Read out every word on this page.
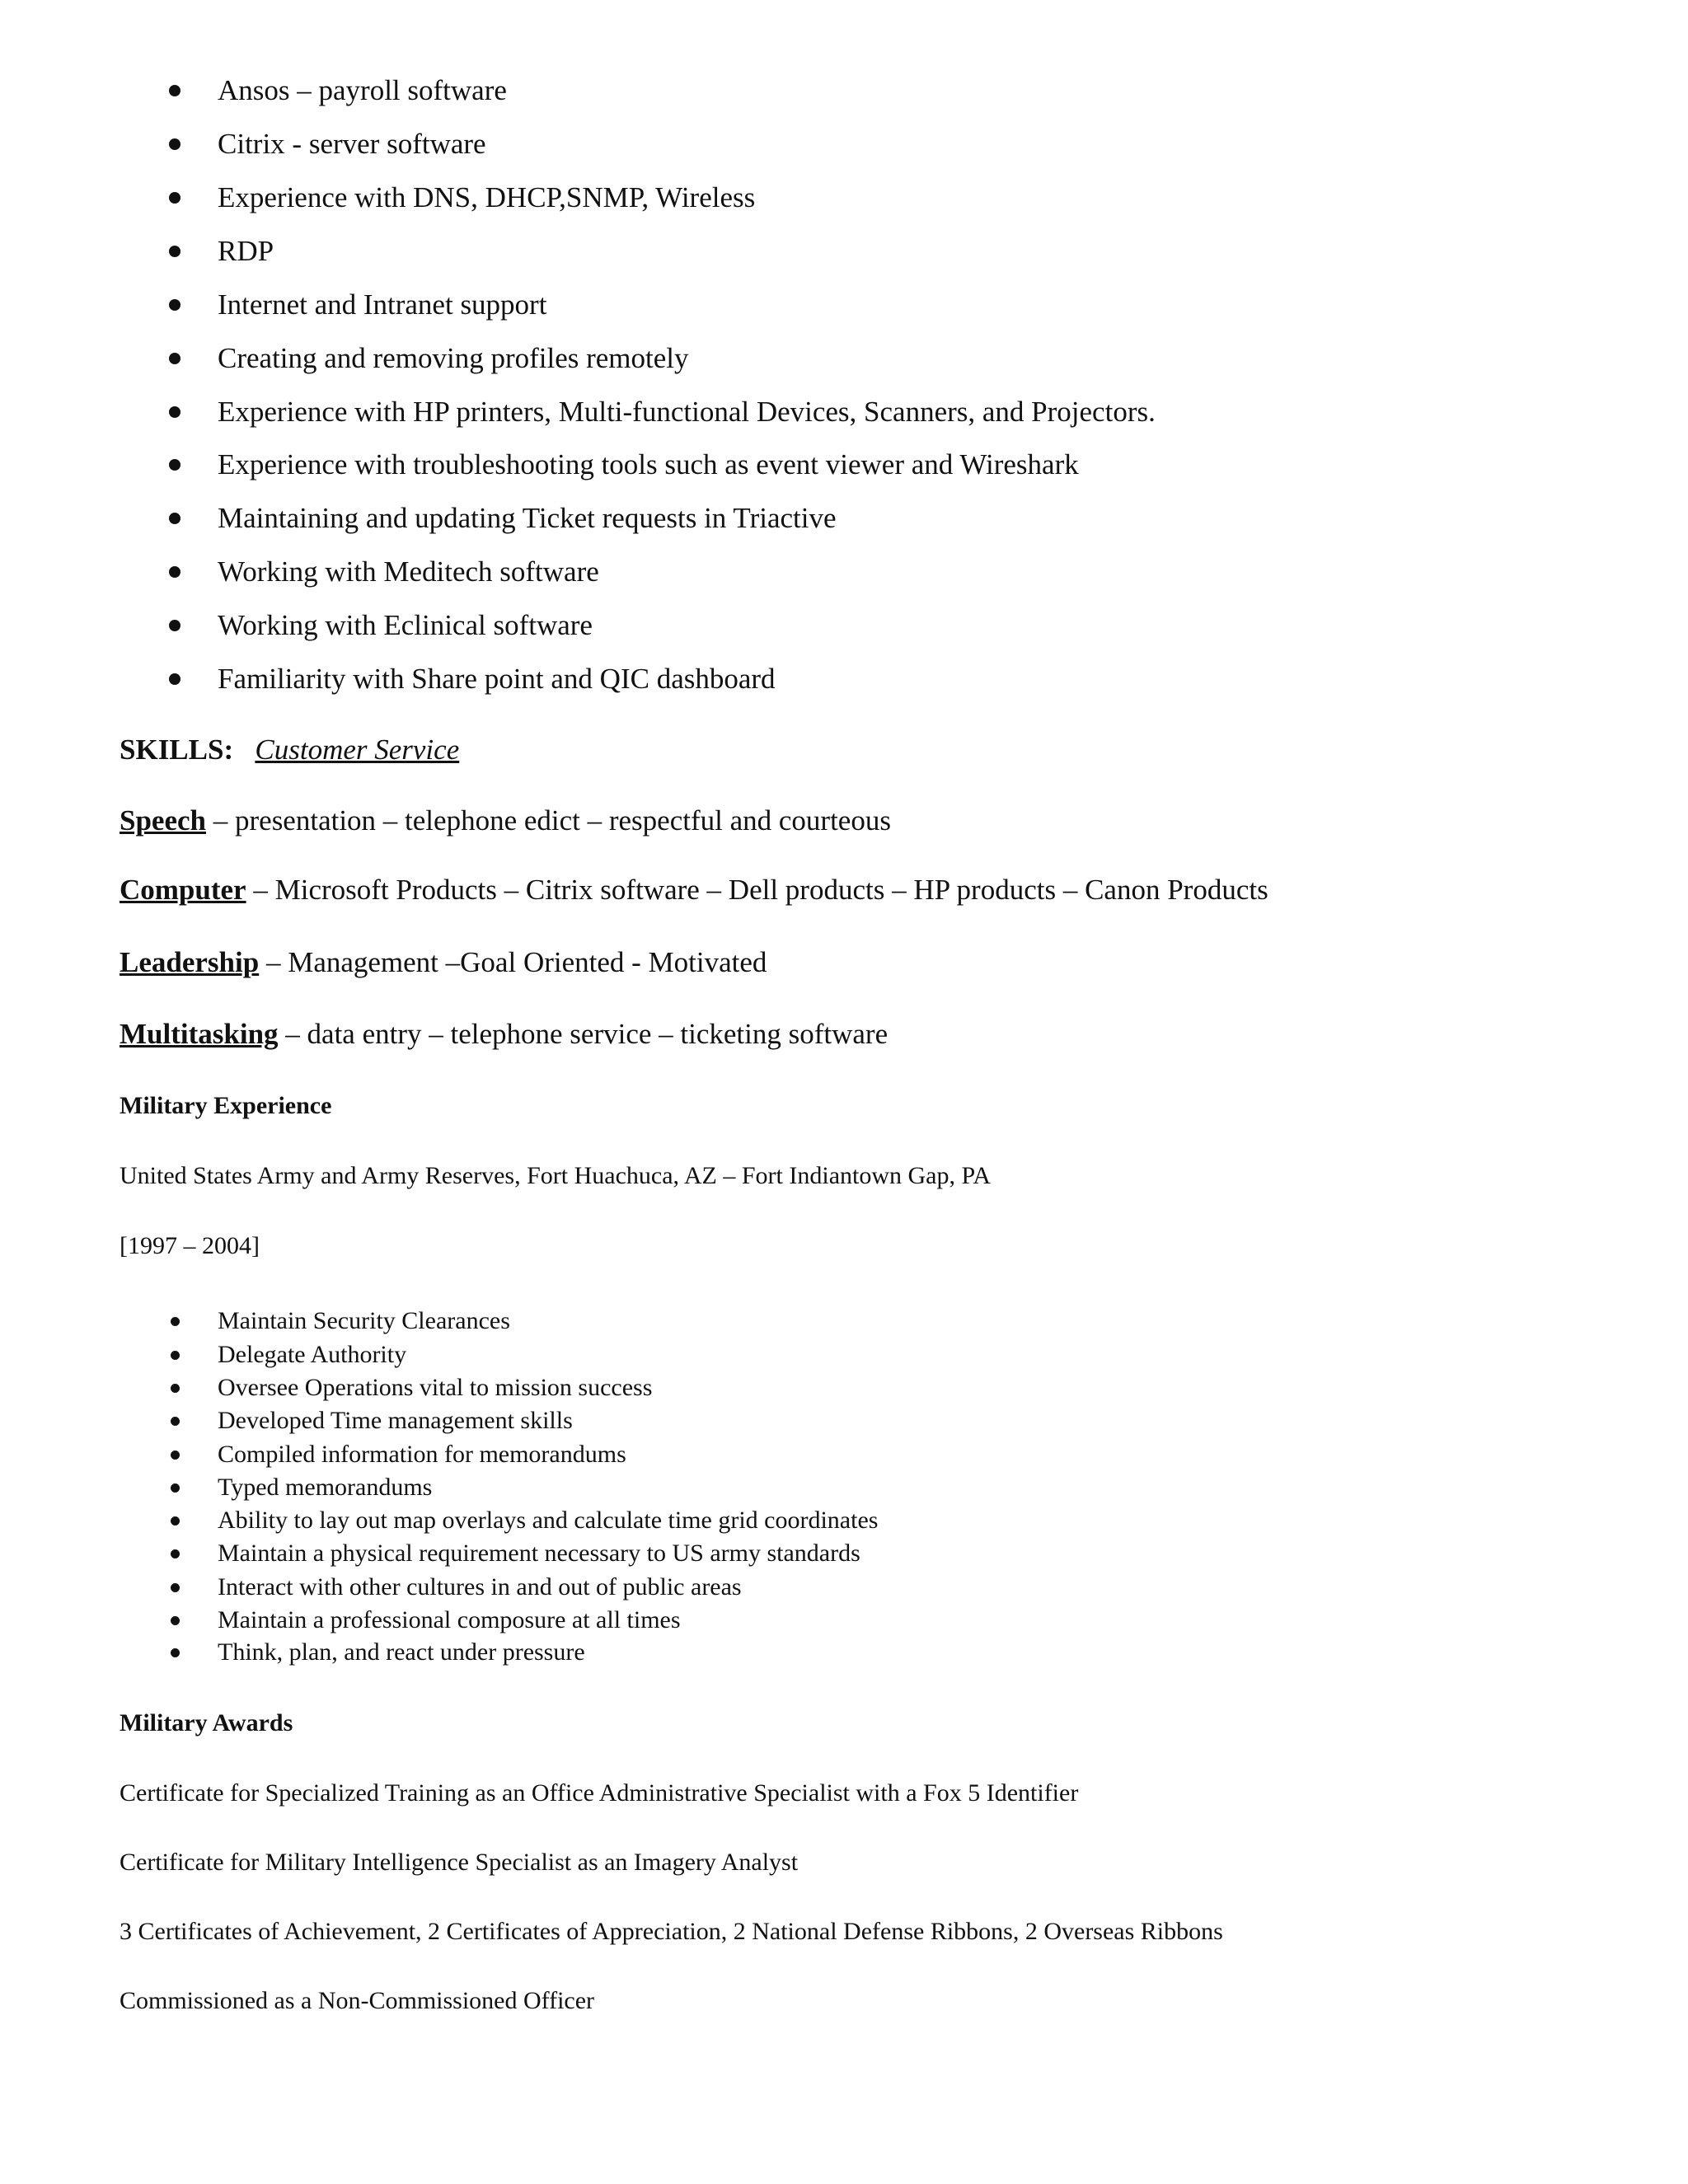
Ansos – payroll software
Citrix - server software
Experience with DNS, DHCP,SNMP, Wireless
RDP
Internet and Intranet support
Creating and removing profiles remotely
Experience with HP printers, Multi-functional Devices, Scanners, and Projectors.
Experience with troubleshooting tools such as event viewer and Wireshark
Maintaining and updating Ticket requests in Triactive
Working with Meditech software
Working with Eclinical software
Familiarity with Share point and QIC dashboard
SKILLS: Customer Service
Speech – presentation – telephone edict – respectful and courteous
Computer – Microsoft Products – Citrix software – Dell products – HP products – Canon Products
Leadership – Management –Goal Oriented - Motivated
Multitasking – data entry – telephone service – ticketing software
Military Experience
United States Army and Army Reserves, Fort Huachuca, AZ – Fort Indiantown Gap, PA
[1997 – 2004]
Maintain Security Clearances
Delegate Authority
Oversee Operations vital to mission success
Developed Time management skills
Compiled information for memorandums
Typed memorandums
Ability to lay out map overlays and calculate time grid coordinates
Maintain a physical requirement necessary to US army standards
Interact with other cultures in and out of public areas
Maintain a professional composure at all times
Think, plan, and react under pressure
Military Awards
Certificate for Specialized Training as an Office Administrative Specialist with a Fox 5 Identifier
Certificate for Military Intelligence Specialist as an Imagery Analyst
3 Certificates of Achievement, 2 Certificates of Appreciation, 2 National Defense Ribbons, 2 Overseas Ribbons
Commissioned as a Non-Commissioned Officer
